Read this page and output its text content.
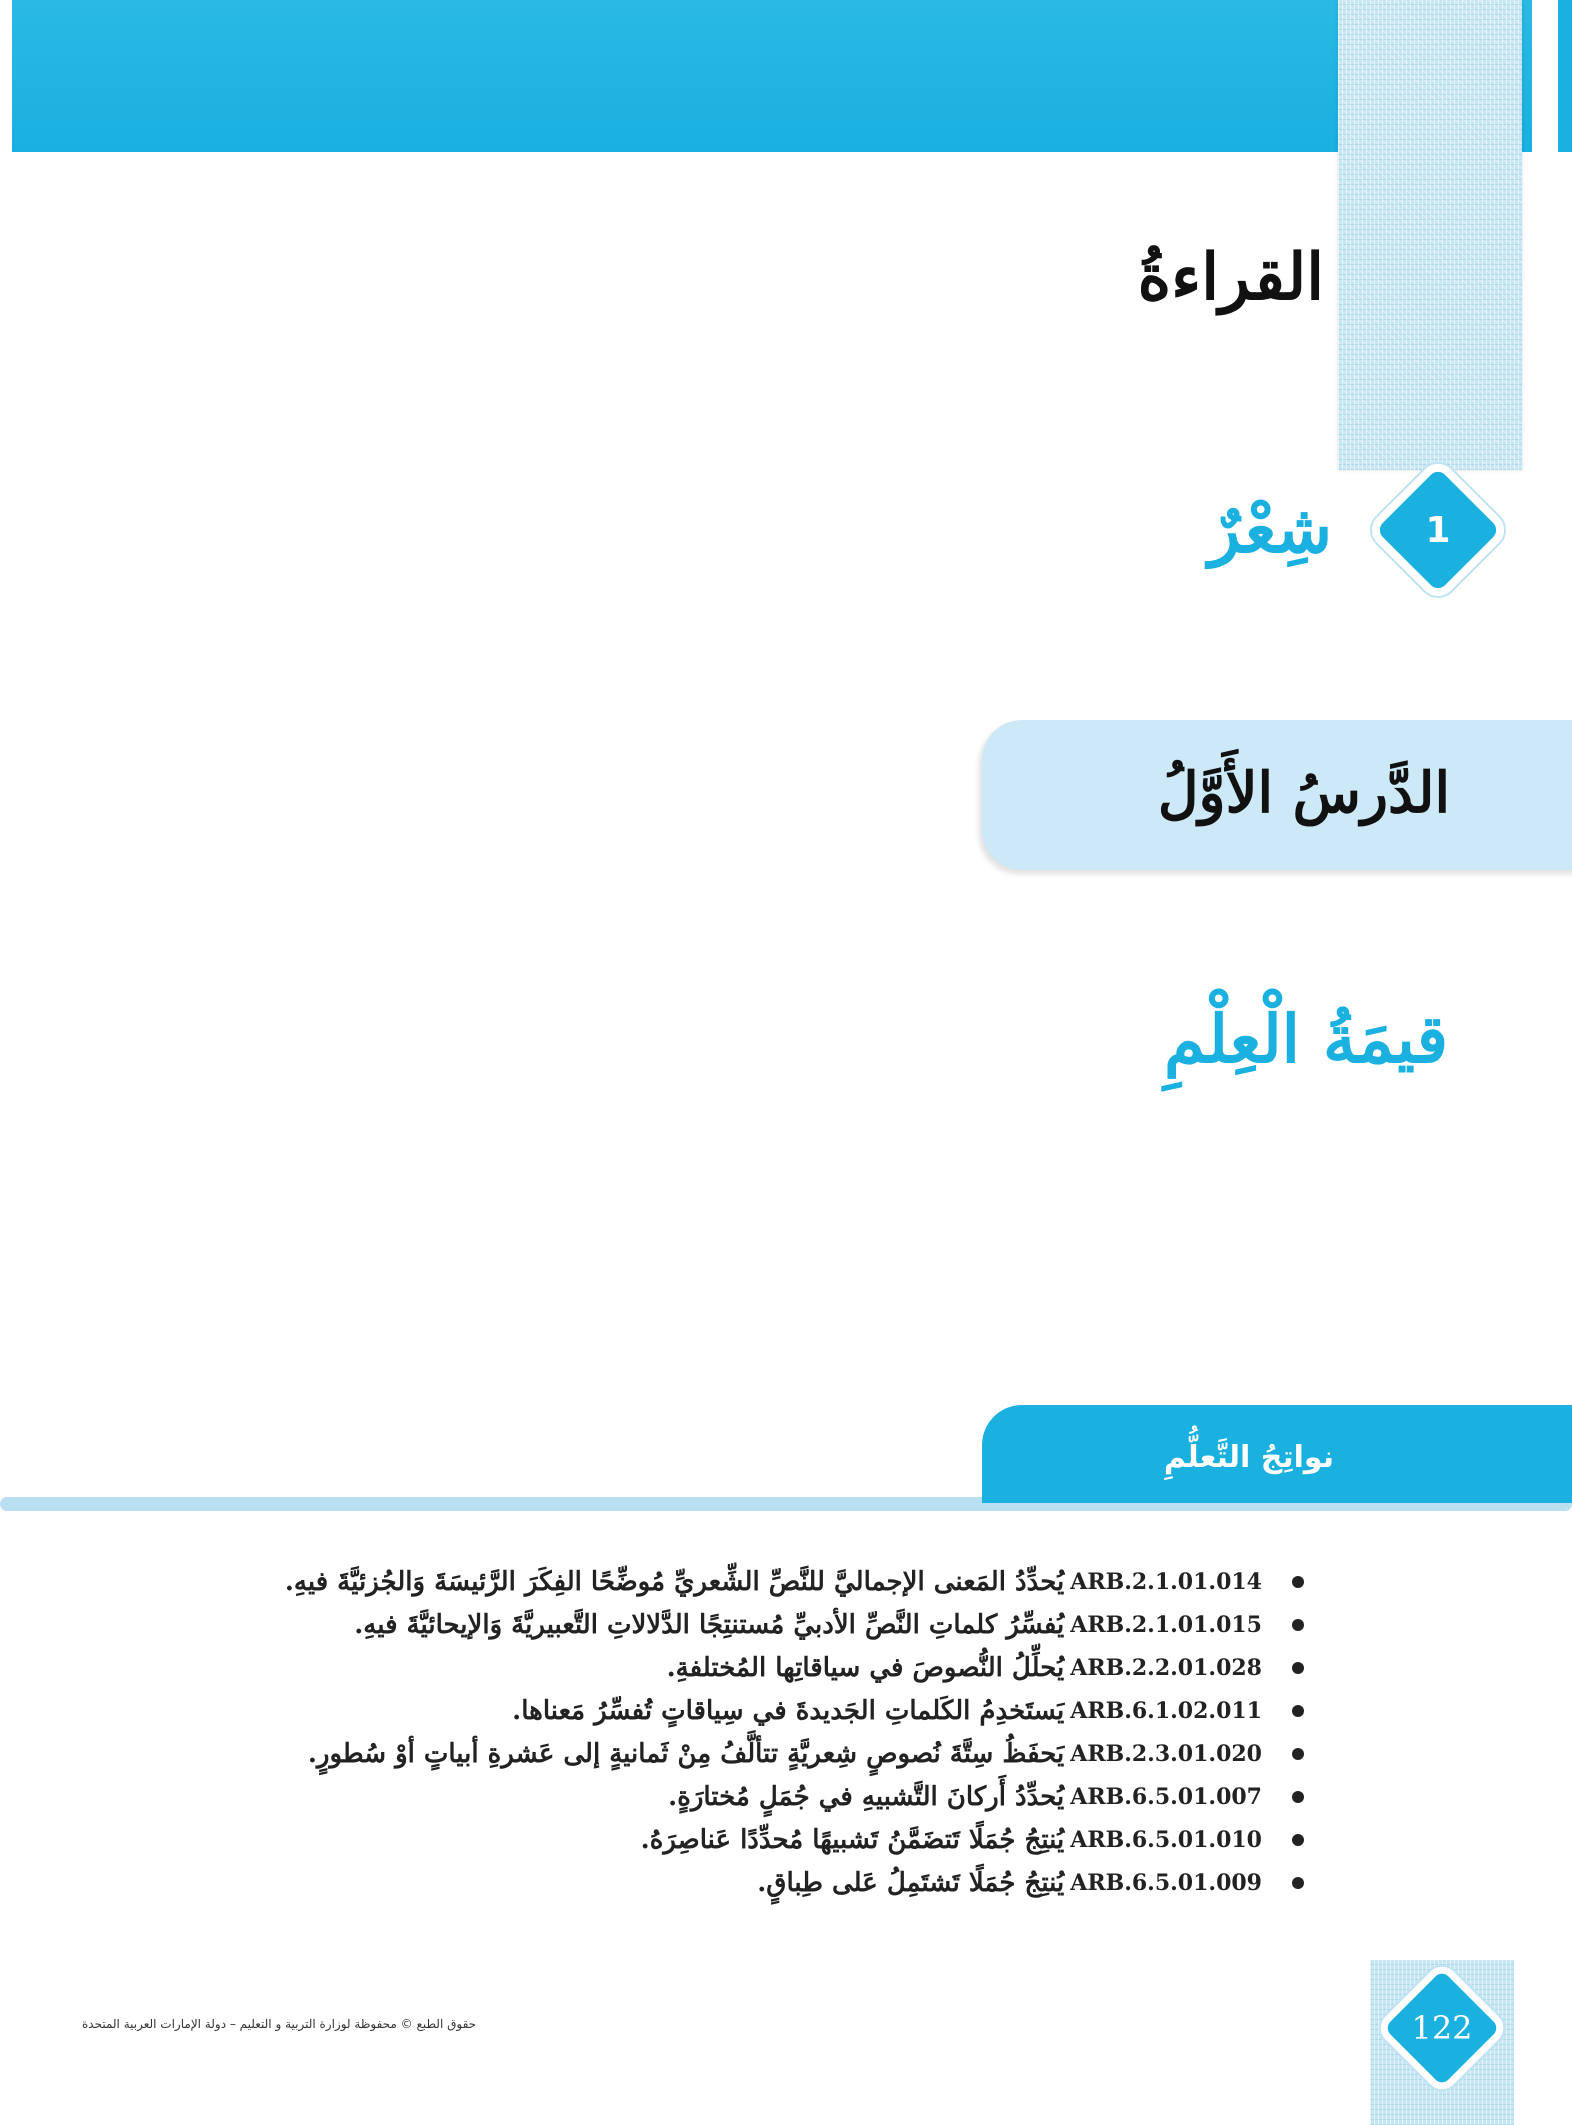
القراءةُ
1
شِعْرٌ
الدَّرسُ الأَوَّلُ
قيمَةُ الْعِلْمِ
نواتِجُ التَّعلُّمِ
ARB.2.1.01.014
يُحدِّدُ المَعنى الإجماليَّ للنَّصِّ الشِّعريِّ مُوضِّحًا الفِكَرَ الرَّئيسَةَ وَالجُزئيَّةَ فيهِ.
ARB.2.1.01.015
يُفسِّرُ كلماتِ النَّصِّ الأدبيِّ مُستنتِجًا الدَّلالاتِ التَّعبيريَّةَ وَالإيحائيَّةَ فيهِ.
ARB.2.2.01.028
يُحلِّلُ النُّصوصَ في سياقاتِها المُختلفةِ.
ARB.6.1.02.011
يَستَخدِمُ الكَلماتِ الجَديدةَ في سِياقاتٍ تُفسِّرُ مَعناها.
ARB.2.3.01.020
يَحفَظُ سِتَّةَ نُصوصٍ شِعريَّةٍ تتألَّفُ مِنْ ثَمانيةٍ إلى عَشرةِ أبياتٍ أوْ سُطورٍ.
ARB.6.5.01.007
يُحدِّدُ أَركانَ التَّشبيهِ في جُمَلٍ مُختارَةٍ.
ARB.6.5.01.010
يُنتِجُ جُمَلًا تَتضَمَّنُ تَشبيهًا مُحدِّدًا عَناصِرَهُ.
ARB.6.5.01.009
يُنتِجُ جُمَلًا تَشتَمِلُ عَلى طِباقٍ.
حقوق الطبع © محفوظة لوزارة التربية و التعليم – دولة الإمارات العربية المتحدة	122
